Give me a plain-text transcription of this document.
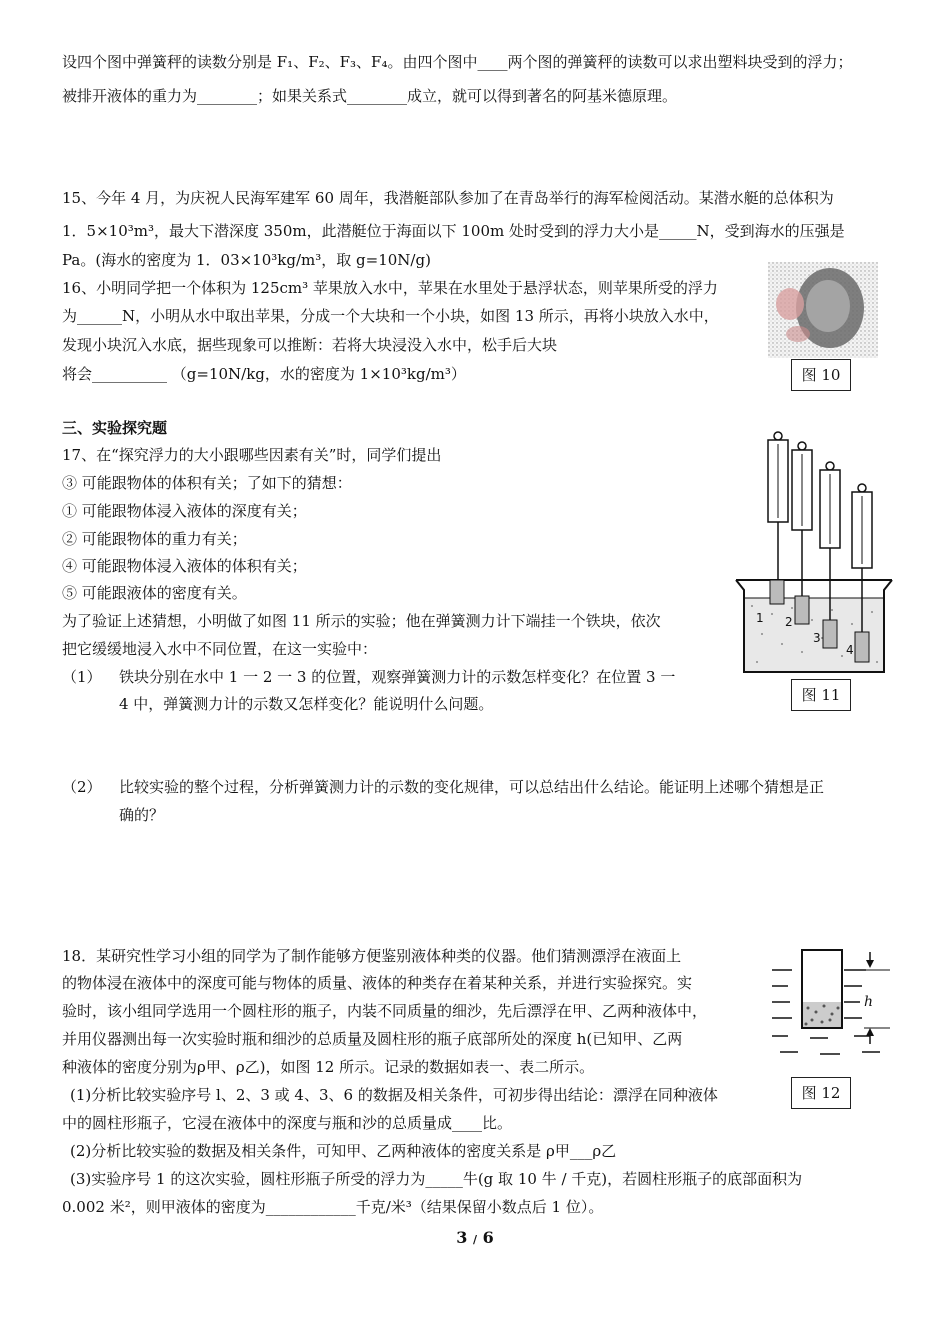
设四个图中弹簧秤的读数分别是 F₁、F₂、F₃、F₄。由四个图中____两个图的弹簧秤的读数可以求出塑料块受到的浮力；
被排开液体的重力为________；如果关系式________成立，就可以得到著名的阿基米德原理。
15、今年 4 月，为庆祝人民海军建军 60 周年，我潜艇部队参加了在青岛举行的海军检阅活动。某潜水艇的总体积为
1．5×10³m³，最大下潜深度 350m，此潜艇位于海面以下 100m 处时受到的浮力大小是_____N，受到海水的压强是
Pa。(海水的密度为 1．03×10³kg/m³，取 g=10N/g)
16、小明同学把一个体积为 125cm³ 苹果放入水中，苹果在水里处于悬浮状态，则苹果所受的浮力
为______N，小明从水中取出苹果，分成一个大块和一个小块，如图 13 所示，再将小块放入水中，
发现小块沉入水底，据些现象可以推断：若将大块浸没入水中，松手后大块
将会__________ （g=10N/kg，水的密度为 1×10³kg/m³）	图 10
三、实验探究题
17、在“探究浮力的大小跟哪些因素有关”时，同学们提出
③ 可能跟物体的体积有关；了如下的猜想：
① 可能跟物体浸入液体的深度有关；
② 可能跟物体的重力有关；
④ 可能跟物体浸入液体的体积有关；
⑤ 可能跟液体的密度有关。
为了验证上述猜想，小明做了如图 11 所示的实验；他在弹簧测力计下端挂一个铁块，依次
把它缓缓地浸入水中不同位置，在这一实验中：
（1） 铁块分别在水中 1 一 2 一 3 的位置，观察弹簧测力计的示数怎样变化？在位置 3 一
4 中，弹簧测力计的示数又怎样变化？能说明什么问题。
（2） 比较实验的整个过程，分析弹簧测力计的示数的变化规律，可以总结出什么结论。能证明上述哪个猜想是正
确的？
1 2
3
4
图 11
18．某研究性学习小组的同学为了制作能够方便鉴别液体种类的仪器。他们猜测漂浮在液面上
的物体浸在液体中的深度可能与物体的质量、液体的种类存在着某种关系，并进行实验探究。实
验时，该小组同学选用一个圆柱形的瓶子，内装不同质量的细沙，先后漂浮在甲、乙两种液体中，
并用仪器测出每一次实验时瓶和细沙的总质量及圆柱形的瓶子底部所处的深度 h(已知甲、乙两
种液体的密度分别为ρ甲、ρ乙)，如图 12 所示。记录的数据如表一、表二所示。
(1)分析比较实验序号 l、2、3 或 4、3、6 的数据及相关条件，可初步得出结论：漂浮在同种液体
中的圆柱形瓶子，它浸在液体中的深度与瓶和沙的总质量成____比。
(2)分析比较实验的数据及相关条件，可知甲、乙两种液体的密度关系是 ρ甲___ρ乙
(3)实验序号 1 的这次实验，圆柱形瓶子所受的浮力为_____牛(g 取 10 牛 / 千克)，若圆柱形瓶子的底部面积为
0.002 米²，则甲液体的密度为____________千克/米³（结果保留小数点后 1 位）。
h
图 12
3 / 6
